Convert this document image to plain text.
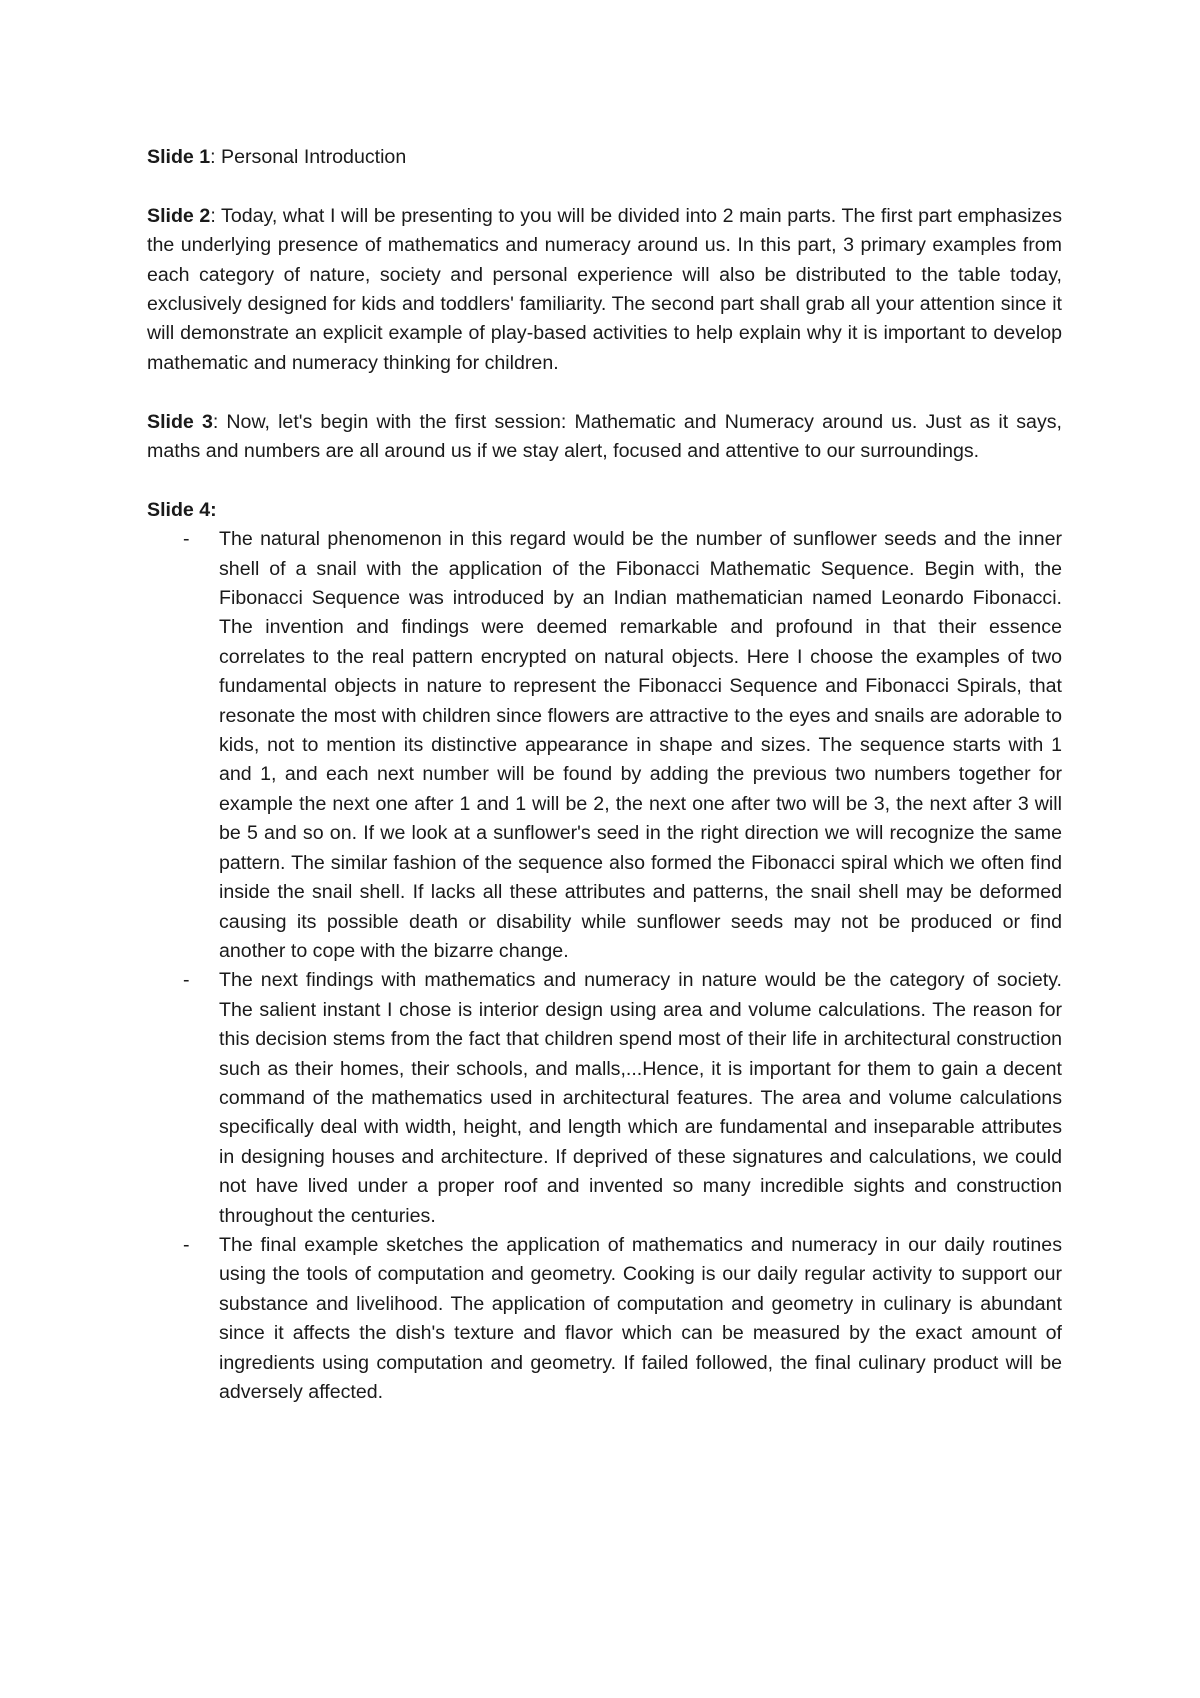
Slide 1: Personal Introduction

Slide 2: Today, what I will be presenting to you will be divided into 2 main parts. The first part emphasizes the underlying presence of mathematics and numeracy around us. In this part, 3 primary examples from each category of nature, society and personal experience will also be distributed to the table today, exclusively designed for kids and toddlers' familiarity. The second part shall grab all your attention since it will demonstrate an explicit example of play-based activities to help explain why it is important to develop mathematic and numeracy thinking for children.

Slide 3: Now, let's begin with the first session: Mathematic and Numeracy around us. Just as it says, maths and numbers are all around us if we stay alert, focused and attentive to our surroundings.

Slide 4:
- The natural phenomenon in this regard would be the number of sunflower seeds and the inner shell of a snail with the application of the Fibonacci Mathematic Sequence. Begin with, the Fibonacci Sequence was introduced by an Indian mathematician named Leonardo Fibonacci. The invention and findings were deemed remarkable and profound in that their essence correlates to the real pattern encrypted on natural objects. Here I choose the examples of two fundamental objects in nature to represent the Fibonacci Sequence and Fibonacci Spirals, that resonate the most with children since flowers are attractive to the eyes and snails are adorable to kids, not to mention its distinctive appearance in shape and sizes. The sequence starts with 1 and 1, and each next number will be found by adding the previous two numbers together for example the next one after 1 and 1 will be 2, the next one after two will be 3, the next after 3 will be 5 and so on. If we look at a sunflower's seed in the right direction we will recognize the same pattern. The similar fashion of the sequence also formed the Fibonacci spiral which we often find inside the snail shell. If lacks all these attributes and patterns, the snail shell may be deformed causing its possible death or disability while sunflower seeds may not be produced or find another to cope with the bizarre change.
- The next findings with mathematics and numeracy in nature would be the category of society. The salient instant I chose is interior design using area and volume calculations. The reason for this decision stems from the fact that children spend most of their life in architectural construction such as their homes, their schools, and malls,...Hence, it is important for them to gain a decent command of the mathematics used in architectural features. The area and volume calculations specifically deal with width, height, and length which are fundamental and inseparable attributes in designing houses and architecture. If deprived of these signatures and calculations, we could not have lived under a proper roof and invented so many incredible sights and construction throughout the centuries.
- The final example sketches the application of mathematics and numeracy in our daily routines using the tools of computation and geometry. Cooking is our daily regular activity to support our substance and livelihood. The application of computation and geometry in culinary is abundant since it affects the dish's texture and flavor which can be measured by the exact amount of ingredients using computation and geometry. If failed followed, the final culinary product will be adversely affected.
